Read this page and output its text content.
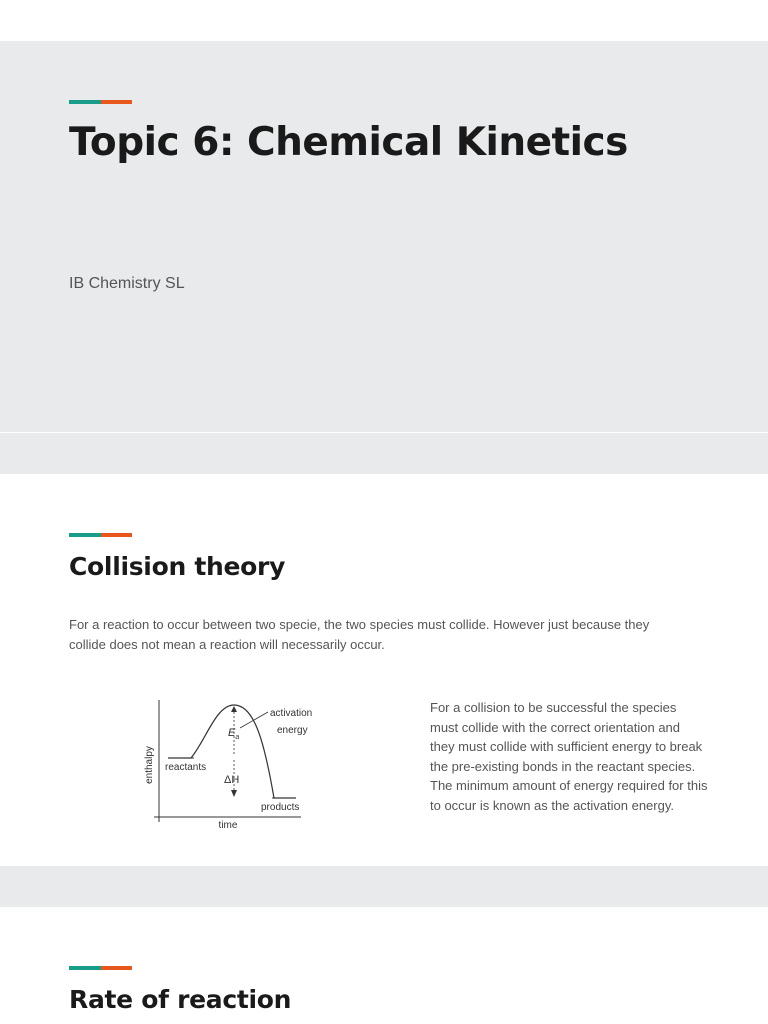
Topic 6: Chemical Kinetics

IB Chemistry SL

Collision theory

For a reaction to occur between two specie, the two species must collide. However just because they collide does not mean a reaction will necessarily occur.

enthalpy
time
reactants
products
activation
energy
$E_a$
ΔH

For a collision to be successful the species must collide with the correct orientation and they must collide with sufficient energy to break the pre-existing bonds in the reactant species. The minimum amount of energy required for this to occur is known as the activation energy.

Rate of reaction
